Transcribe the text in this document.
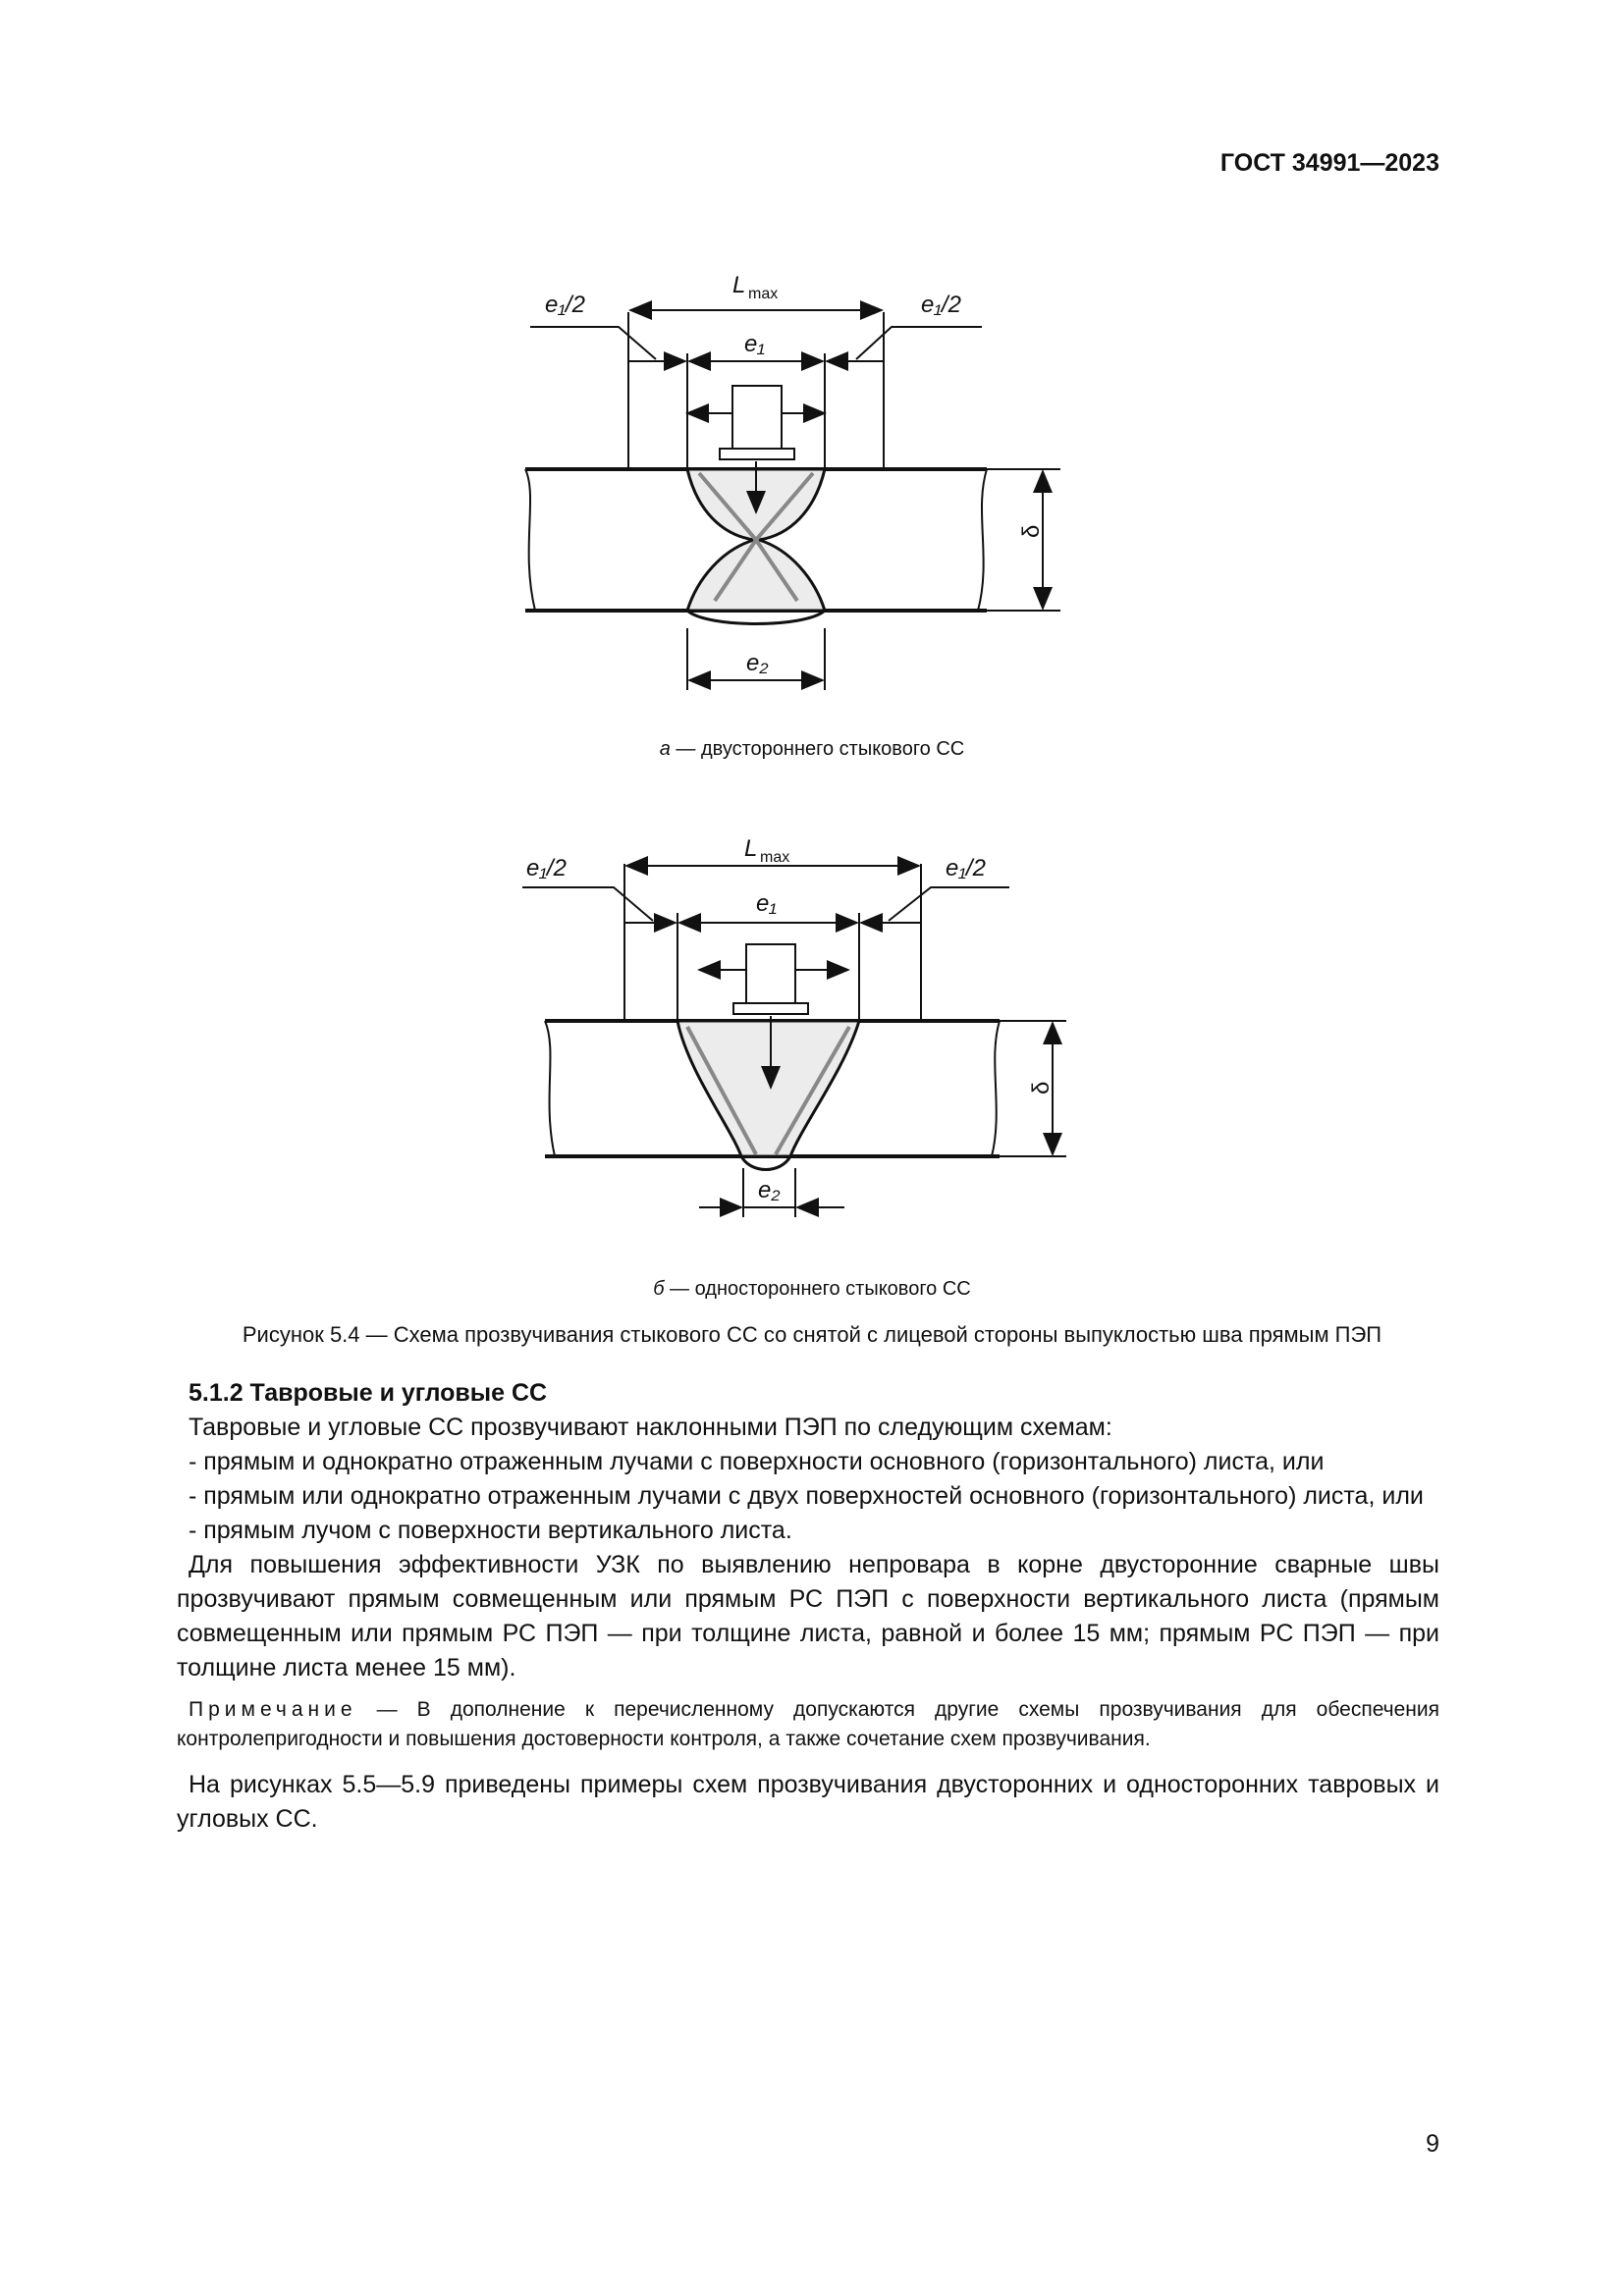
ГОСТ 34991—2023
e₁/2	e₁/2
L max
e₁
e₂
δ
а — двустороннего стыкового СС
e₁/2	e₁/2
L max
e₁
e₂
δ
б — одностороннего стыкового СС
Рисунок 5.4 — Схема прозвучивания стыкового СС со снятой с лицевой стороны выпуклостью шва прямым ПЭП

5.1.2 Тавровые и угловые СС

Тавровые и угловые СС прозвучивают наклонными ПЭП по следующим схемам:

- прямым и однократно отраженным лучами с поверхности основного (горизонтального) листа, или

- прямым или однократно отраженным лучами с двух поверхностей основного (горизонтального) листа, или

- прямым лучом с поверхности вертикального листа.

Для повышения эффективности УЗК по выявлению непровара в корне двусторонние сварные швы прозвучивают прямым совмещенным или прямым РС ПЭП с поверхности вертикального листа (прямым совмещенным или прямым РС ПЭП — при толщине листа, равной и более 15 мм; прямым РС ПЭП — при толщине листа менее 15 мм).

Примечание — В дополнение к перечисленному допускаются другие схемы прозвучивания для обеспечения контролепригодности и повышения достоверности контроля, а также сочетание схем прозвучивания.

На рисунках 5.5—5.9 приведены примеры схем прозвучивания двусторонних и односторонних тавровых и угловых СС.

9
